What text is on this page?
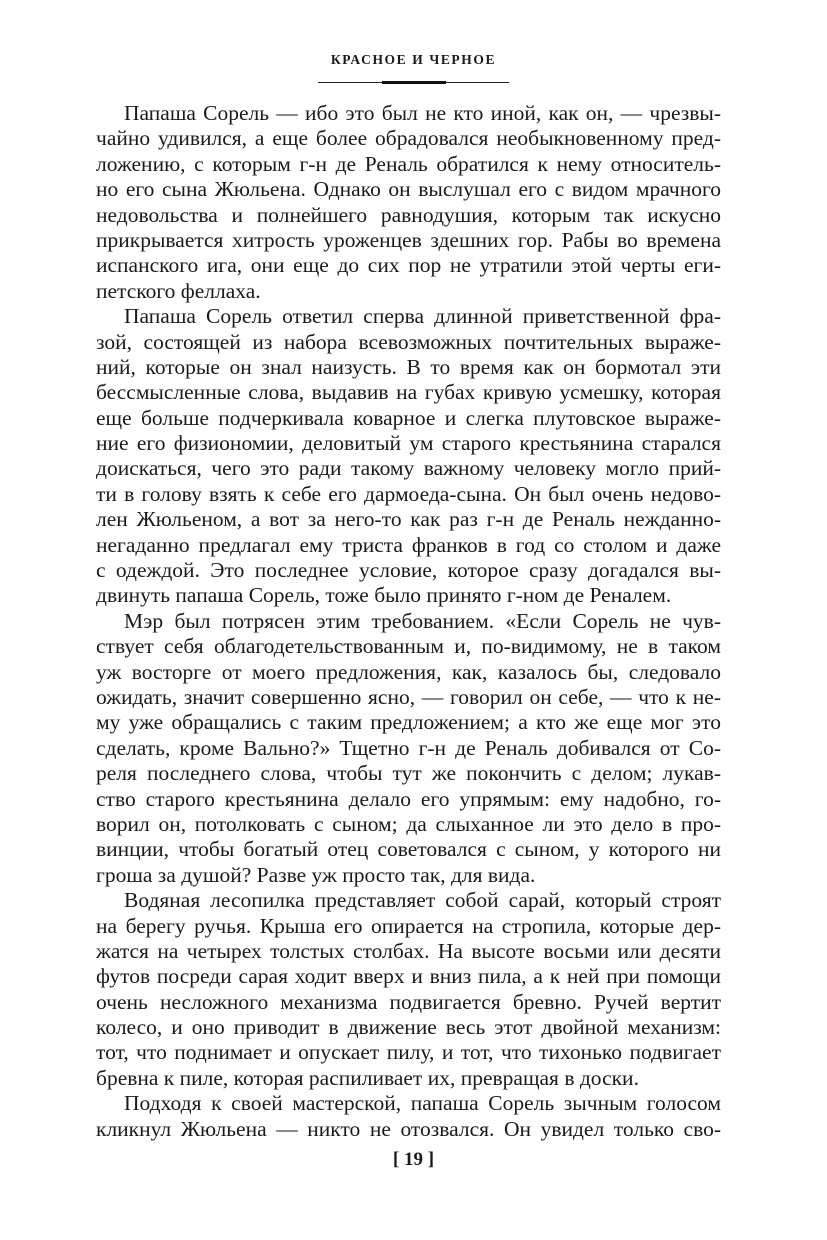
КРАСНОЕ И ЧЕРНОЕ
Папаша Сорель — ибо это был не кто иной, как он, — чрезвы-
чайно удивился, а еще более обрадовался необыкновенному пред-
ложению, с которым г-н де Реналь обратился к нему относитель-
но его сына Жюльена. Однако он выслушал его с видом мрачного
недовольства и полнейшего равнодушия, которым так искусно
прикрывается хитрость уроженцев здешних гор. Рабы во времена
испанского ига, они еще до сих пор не утратили этой черты еги-
петского феллаха.
Папаша Сорель ответил сперва длинной приветственной фра-
зой, состоящей из набора всевозможных почтительных выраже-
ний, которые он знал наизусть. В то время как он бормотал эти
бессмысленные слова, выдавив на губах кривую усмешку, которая
еще больше подчеркивала коварное и слегка плутовское выраже-
ние его физиономии, деловитый ум старого крестьянина старался
доискаться, чего это ради такому важному человеку могло прий-
ти в голову взять к себе его дармоеда-сына. Он был очень недово-
лен Жюльеном, а вот за него-то как раз г-н де Реналь нежданно-
негаданно предлагал ему триста франков в год со столом и даже
с одеждой. Это последнее условие, которое сразу догадался вы-
двинуть папаша Сорель, тоже было принято г-ном де Реналем.
Мэр был потрясен этим требованием. «Если Сорель не чув-
ствует себя облагодетельствованным и, по-видимому, не в таком
уж восторге от моего предложения, как, казалось бы, следовало
ожидать, значит совершенно ясно, — говорил он себе, — что к не-
му уже обращались с таким предложением; а кто же еще мог это
сделать, кроме Вально?» Тщетно г-н де Реналь добивался от Со-
реля последнего слова, чтобы тут же покончить с делом; лукав-
ство старого крестьянина делало его упрямым: ему надобно, го-
ворил он, потолковать с сыном; да слыханное ли это дело в про-
винции, чтобы богатый отец советовался с сыном, у которого ни
гроша за душой? Разве уж просто так, для вида.
Водяная лесопилка представляет собой сарай, который строят
на берегу ручья. Крыша его опирается на стропила, которые дер-
жатся на четырех толстых столбах. На высоте восьми или десяти
футов посреди сарая ходит вверх и вниз пила, а к ней при помощи
очень несложного механизма подвигается бревно. Ручей вертит
колесо, и оно приводит в движение весь этот двойной механизм:
тот, что поднимает и опускает пилу, и тот, что тихонько подвигает
бревна к пиле, которая распиливает их, превращая в доски.
Подходя к своей мастерской, папаша Сорель зычным голосом
кликнул Жюльена — никто не отозвался. Он увидел только сво-
[ 19 ]
